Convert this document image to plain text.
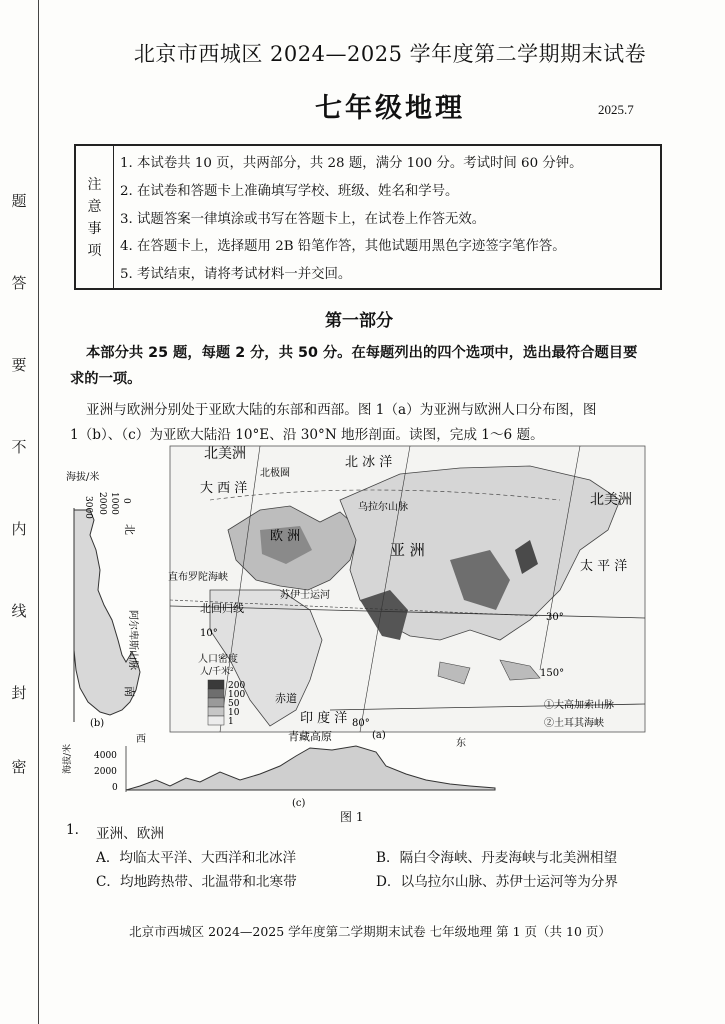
题
答
要
不
内
线
封
密
北京市西城区 2024—2025 学年度第二学期期末试卷
七年级地理	2025.7
注
意
事
项
1. 本试卷共 10 页，共两部分，共 28 题，满分 100 分。考试时间 60 分钟。
2. 在试卷和答题卡上准确填写学校、班级、姓名和学号。
3. 试题答案一律填涂或书写在答题卡上，在试卷上作答无效。
4. 在答题卡上，选择题用 2B 铅笔作答，其他试题用黑色字迹签字笔作答。
5. 考试结束，请将考试材料一并交回。
第一部分
本部分共 25 题，每题 2 分，共 50 分。在每题列出的四个选项中，选出最符合题目要
求的一项。
亚洲与欧洲分别处于亚欧大陆的东部和西部。图 1（a）为亚洲与欧洲人口分布图，图
1（b）、（c）为亚欧大陆沿 10°E、沿 30°N 地形剖面。读图，完成 1～6 题。
海拔/米
3000 2000 1000 0
北
南
阿尔卑斯山脉
(b)
北美洲
北美洲
北 冰 洋
大 西 洋
欧 洲
亚 洲
太 平 洋
印 度 洋
赤道
北回归线
直布罗陀海峡
北极圈
乌拉尔山脉
苏伊士运河
30°
10°
80°
150°
(a)
①大高加索山脉
②土耳其海峡
人口密度
人/千米²
200
100
50
10
1
海拔/米 4000
2000
0
西	东
青藏高原
(c)
图 1
1. 亚洲、欧洲
A．均临太平洋、大西洋和北冰洋	B．隔白令海峡、丹麦海峡与北美洲相望
C．均地跨热带、北温带和北寒带	D．以乌拉尔山脉、苏伊士运河等为分界
北京市西城区 2024—2025 学年度第二学期期末试卷 七年级地理 第 1 页（共 10 页）
